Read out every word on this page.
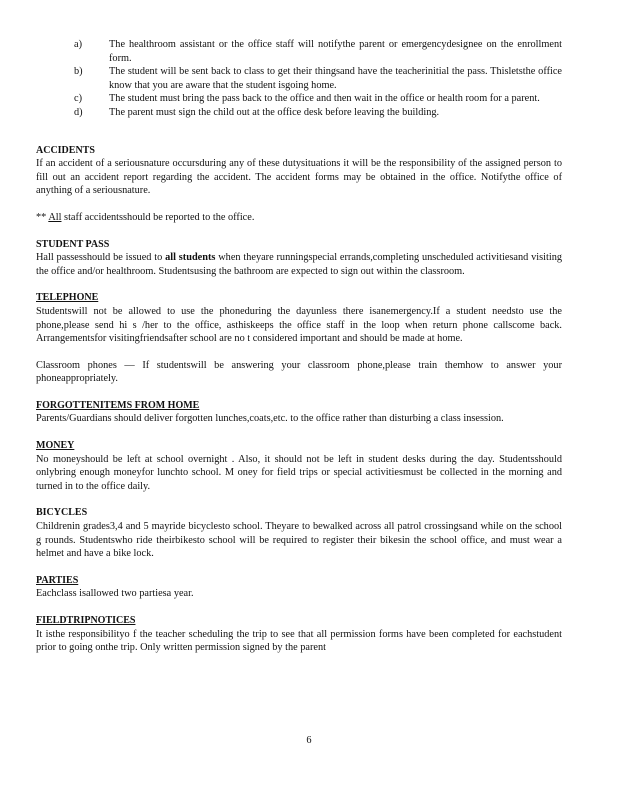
a)	The healthroom assistant or the office staff will notifythe parent or emergencydesignee on the enrollment form.
b)	The student will be sent back to class to get their thingsand have the teacherinitial the pass. Thisletsthe office know that you are aware that the student isgoing home.
c)	The student must bring the pass back to the office and then wait in the office or health room for a parent.
d)	The parent must sign the child out at the office desk before leaving the building.
ACCIDENTS
If an accident of a seriousnature occursduring any of these dutysituations it will be the responsibility of the assigned person to fill out an accident report regarding the accident. The accident forms may be obtained in the office. Notifythe office of anything of a seriousnature.
** All staff accidentsshould be reported to the office.
STUDENT PASS
Hall passesshould be issued to all students when theyare runningspecial errands,completing unscheduled activitiesand visiting the office and/or healthroom. Studentsusing the bathroom are expected to sign out within the classroom.
TELEPHONE
Studentswill not be allowed to use the phoneduring the dayunless there isanemergency.If a student needsto use the phone,please send hi s /her to the office, asthiskeeps the office staff in the loop when return phone callscome back. Arrangementsfor visitingfriendsafter school are no t considered important and should be made at home.
Classroom phones — If studentswill be answering your classroom phone,please train themhow to answer your phoneappropriately.
FORGOTTENITEMS FROM HOME
Parents/Guardians should deliver forgotten lunches,coats,etc. to the office rather than disturbing a class insession.
MONEY
No moneyshould be left at school overnight . Also, it should not be left in student desks during the day. Studentsshould onlybring enough moneyfor lunchto school. M oney for field trips or special activitiesmust be collected in the morning and turned in to the office daily.
BICYCLES
Childrenin grades3,4 and 5 mayride bicyclesto school. Theyare to bewalked across all patrol crossingsand while on the school g rounds. Studentswho ride theirbikesto school will be required to register their bikesin the school office, and must wear a helmet and have a bike lock.
PARTIES
Eachclass isallowed two partiesa year.
FIELDTRIPNOTICES
It isthe responsibilityo f the teacher scheduling the trip to see that all permission forms have been completed for eachstudent prior to going onthe trip. Only written permission signed by the parent
6
